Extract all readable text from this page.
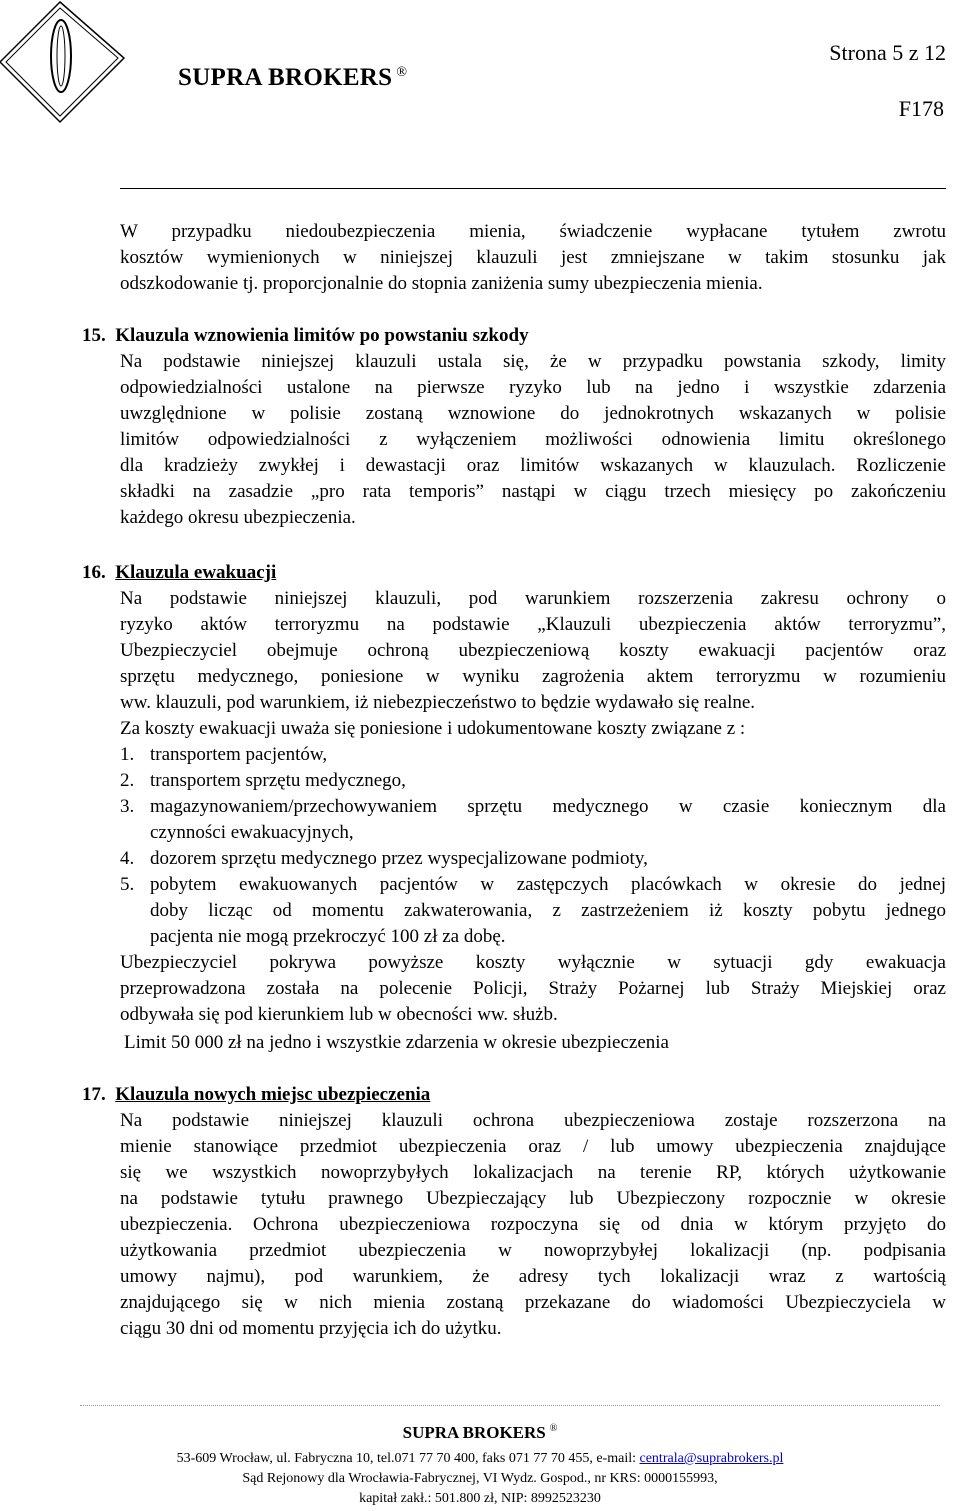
SUPRA BROKERS ®
Strona 5 z 12
F178
W przypadku niedoubezpieczenia mienia, świadczenie wypłacane tytułem zwrotu
kosztów wymienionych w niniejszej klauzuli jest zmniejszane w takim stosunku jak
odszkodowanie tj. proporcjonalnie do stopnia zaniżenia sumy ubezpieczenia mienia.
15. Klauzula wznowienia limitów po powstaniu szkody
Na podstawie niniejszej klauzuli ustala się, że w przypadku powstania szkody, limity
odpowiedzialności ustalone na pierwsze ryzyko lub na jedno i wszystkie zdarzenia
uwzględnione w polisie zostaną wznowione do jednokrotnych wskazanych w polisie
limitów odpowiedzialności z wyłączeniem możliwości odnowienia limitu określonego
dla kradzieży zwykłej i dewastacji oraz limitów wskazanych w klauzulach. Rozliczenie
składki na zasadzie „pro rata temporis” nastąpi w ciągu trzech miesięcy po zakończeniu
każdego okresu ubezpieczenia.
16. Klauzula ewakuacji
Na podstawie niniejszej klauzuli, pod warunkiem rozszerzenia zakresu ochrony o
ryzyko aktów terroryzmu na podstawie „Klauzuli ubezpieczenia aktów terroryzmu”,
Ubezpieczyciel obejmuje ochroną ubezpieczeniową koszty ewakuacji pacjentów oraz
sprzętu medycznego, poniesione w wyniku zagrożenia aktem terroryzmu w rozumieniu
ww. klauzuli, pod warunkiem, iż niebezpieczeństwo to będzie wydawało się realne.
Za koszty ewakuacji uważa się poniesione i udokumentowane koszty związane z :
1. transportem pacjentów,
2. transportem sprzętu medycznego,
3. magazynowaniem/przechowywaniem sprzętu medycznego w czasie koniecznym dla
czynności ewakuacyjnych,
4. dozorem sprzętu medycznego przez wyspecjalizowane podmioty,
5. pobytem ewakuowanych pacjentów w zastępczych placówkach w okresie do jednej
doby licząc od momentu zakwaterowania, z zastrzeżeniem iż koszty pobytu jednego
pacjenta nie mogą przekroczyć 100 zł za dobę.
Ubezpieczyciel pokrywa powyższe koszty wyłącznie w sytuacji gdy ewakuacja
przeprowadzona została na polecenie Policji, Straży Pożarnej lub Straży Miejskiej oraz
odbywała się pod kierunkiem lub w obecności ww. służb.
Limit 50 000 zł na jedno i wszystkie zdarzenia w okresie ubezpieczenia
17. Klauzula nowych miejsc ubezpieczenia
Na podstawie niniejszej klauzuli ochrona ubezpieczeniowa zostaje rozszerzona na
mienie stanowiące przedmiot ubezpieczenia oraz / lub umowy ubezpieczenia znajdujące
się we wszystkich nowoprzybyłych lokalizacjach na terenie RP, których użytkowanie
na podstawie tytułu prawnego Ubezpieczający lub Ubezpieczony rozpocznie w okresie
ubezpieczenia. Ochrona ubezpieczeniowa rozpoczyna się od dnia w którym przyjęto do
użytkowania przedmiot ubezpieczenia w nowoprzybyłej lokalizacji (np. podpisania
umowy najmu), pod warunkiem, że adresy tych lokalizacji wraz z wartością
znajdującego się w nich mienia zostaną przekazane do wiadomości Ubezpieczyciela w
ciągu 30 dni od momentu przyjęcia ich do użytku.
SUPRA BROKERS ®
53-609 Wrocław, ul. Fabryczna 10, tel.071 77 70 400, faks 071 77 70 455, e-mail: centrala@suprabrokers.pl
Sąd Rejonowy dla Wrocławia-Fabrycznej, VI Wydz. Gospod., nr KRS: 0000155993,
kapitał zakł.: 501.800 zł, NIP: 8992523230
